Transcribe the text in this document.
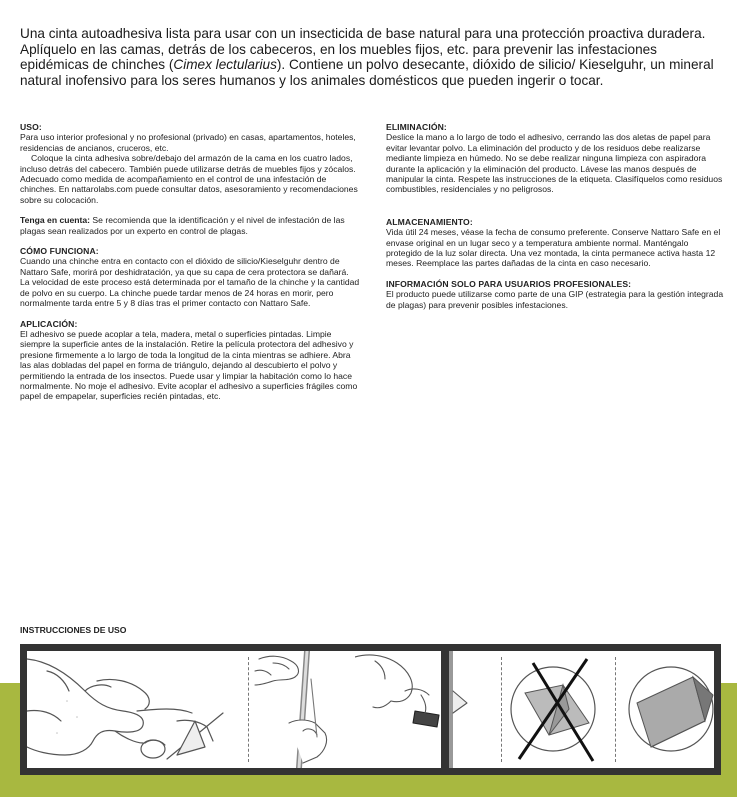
Una cinta autoadhesiva lista para usar con un insecticida de base natural para una protección proactiva duradera. Aplíquelo en las camas, detrás de los cabeceros, en los muebles fijos, etc. para prevenir las infestaciones epidémicas de chinches (Cimex lectularius). Contiene un polvo desecante, dióxido de silicio/ Kieselguhr, un mineral natural inofensivo para los seres humanos y los animales domésticos que pueden ingerir o tocar.
USO:

Para uso interior profesional y no profesional (privado) en casas, apartamentos, hoteles, residencias de ancianos, cruceros, etc.

Coloque la cinta adhesiva sobre/debajo del armazón de la cama en los cuatro lados, incluso detrás del cabecero. También puede utilizarse detrás de muebles fijos y zócalos. Adecuado como medida de acompañamiento en el control de una infestación de chinches. En nattarolabs.com puede consultar datos, asesoramiento y recomendaciones sobre su colocación.

Tenga en cuenta: Se recomienda que la identificación y el nivel de infestación de las plagas sean realizados por un experto en control de plagas.

CÓMO FUNCIONA:

Cuando una chinche entra en contacto con el dióxido de silicio/Kieselguhr dentro de Nattaro Safe, morirá por deshidratación, ya que su capa de cera protectora se dañará. La velocidad de este proceso está determinada por el tamaño de la chinche y la cantidad de polvo en su cuerpo. La chinche puede tardar menos de 24 horas en morir, pero normalmente tarda entre 5 y 8 días tras el primer contacto con Nattaro Safe.

APLICACIÓN:

El adhesivo se puede acoplar a tela, madera, metal o superficies pintadas. Limpie siempre la superficie antes de la instalación. Retire la película protectora del adhesivo y presione firmemente a lo largo de toda la longitud de la cinta mientras se adhiere. Abra las alas dobladas del papel en forma de triángulo, dejando al descubierto el polvo y permitiendo la entrada de los insectos. Puede usar y limpiar la habitación como lo hace normalmente. No moje el adhesivo. Evite acoplar el adhesivo a superficies frágiles como papel de empapelar, superficies recién pintadas, etc.

ELIMINACIÓN:

Deslice la mano a lo largo de todo el adhesivo, cerrando las dos aletas de papel para evitar levantar polvo. La eliminación del producto y de los residuos debe realizarse mediante limpieza en húmedo. No se debe realizar ninguna limpieza con aspiradora durante la aplicación y la eliminación del producto. Lávese las manos después de manipular la cinta. Respete las instrucciones de la etiqueta. Clasifíquelos como residuos combustibles, residenciales y no peligrosos.

ALMACENAMIENTO:

Vida útil 24 meses, véase la fecha de consumo preferente. Conserve Nattaro Safe en el envase original en un lugar seco y a temperatura ambiente normal. Manténgalo protegido de la luz solar directa. Una vez montada, la cinta permanece activa hasta 12 meses. Reemplace las partes dañadas de la cinta en caso necesario.

INFORMACIÓN SOLO PARA USUARIOS PROFESIONALES:

El producto puede utilizarse como parte de una GIP (estrategia para la gestión integrada de plagas) para prevenir posibles infestaciones.

INSTRUCCIONES DE USO
